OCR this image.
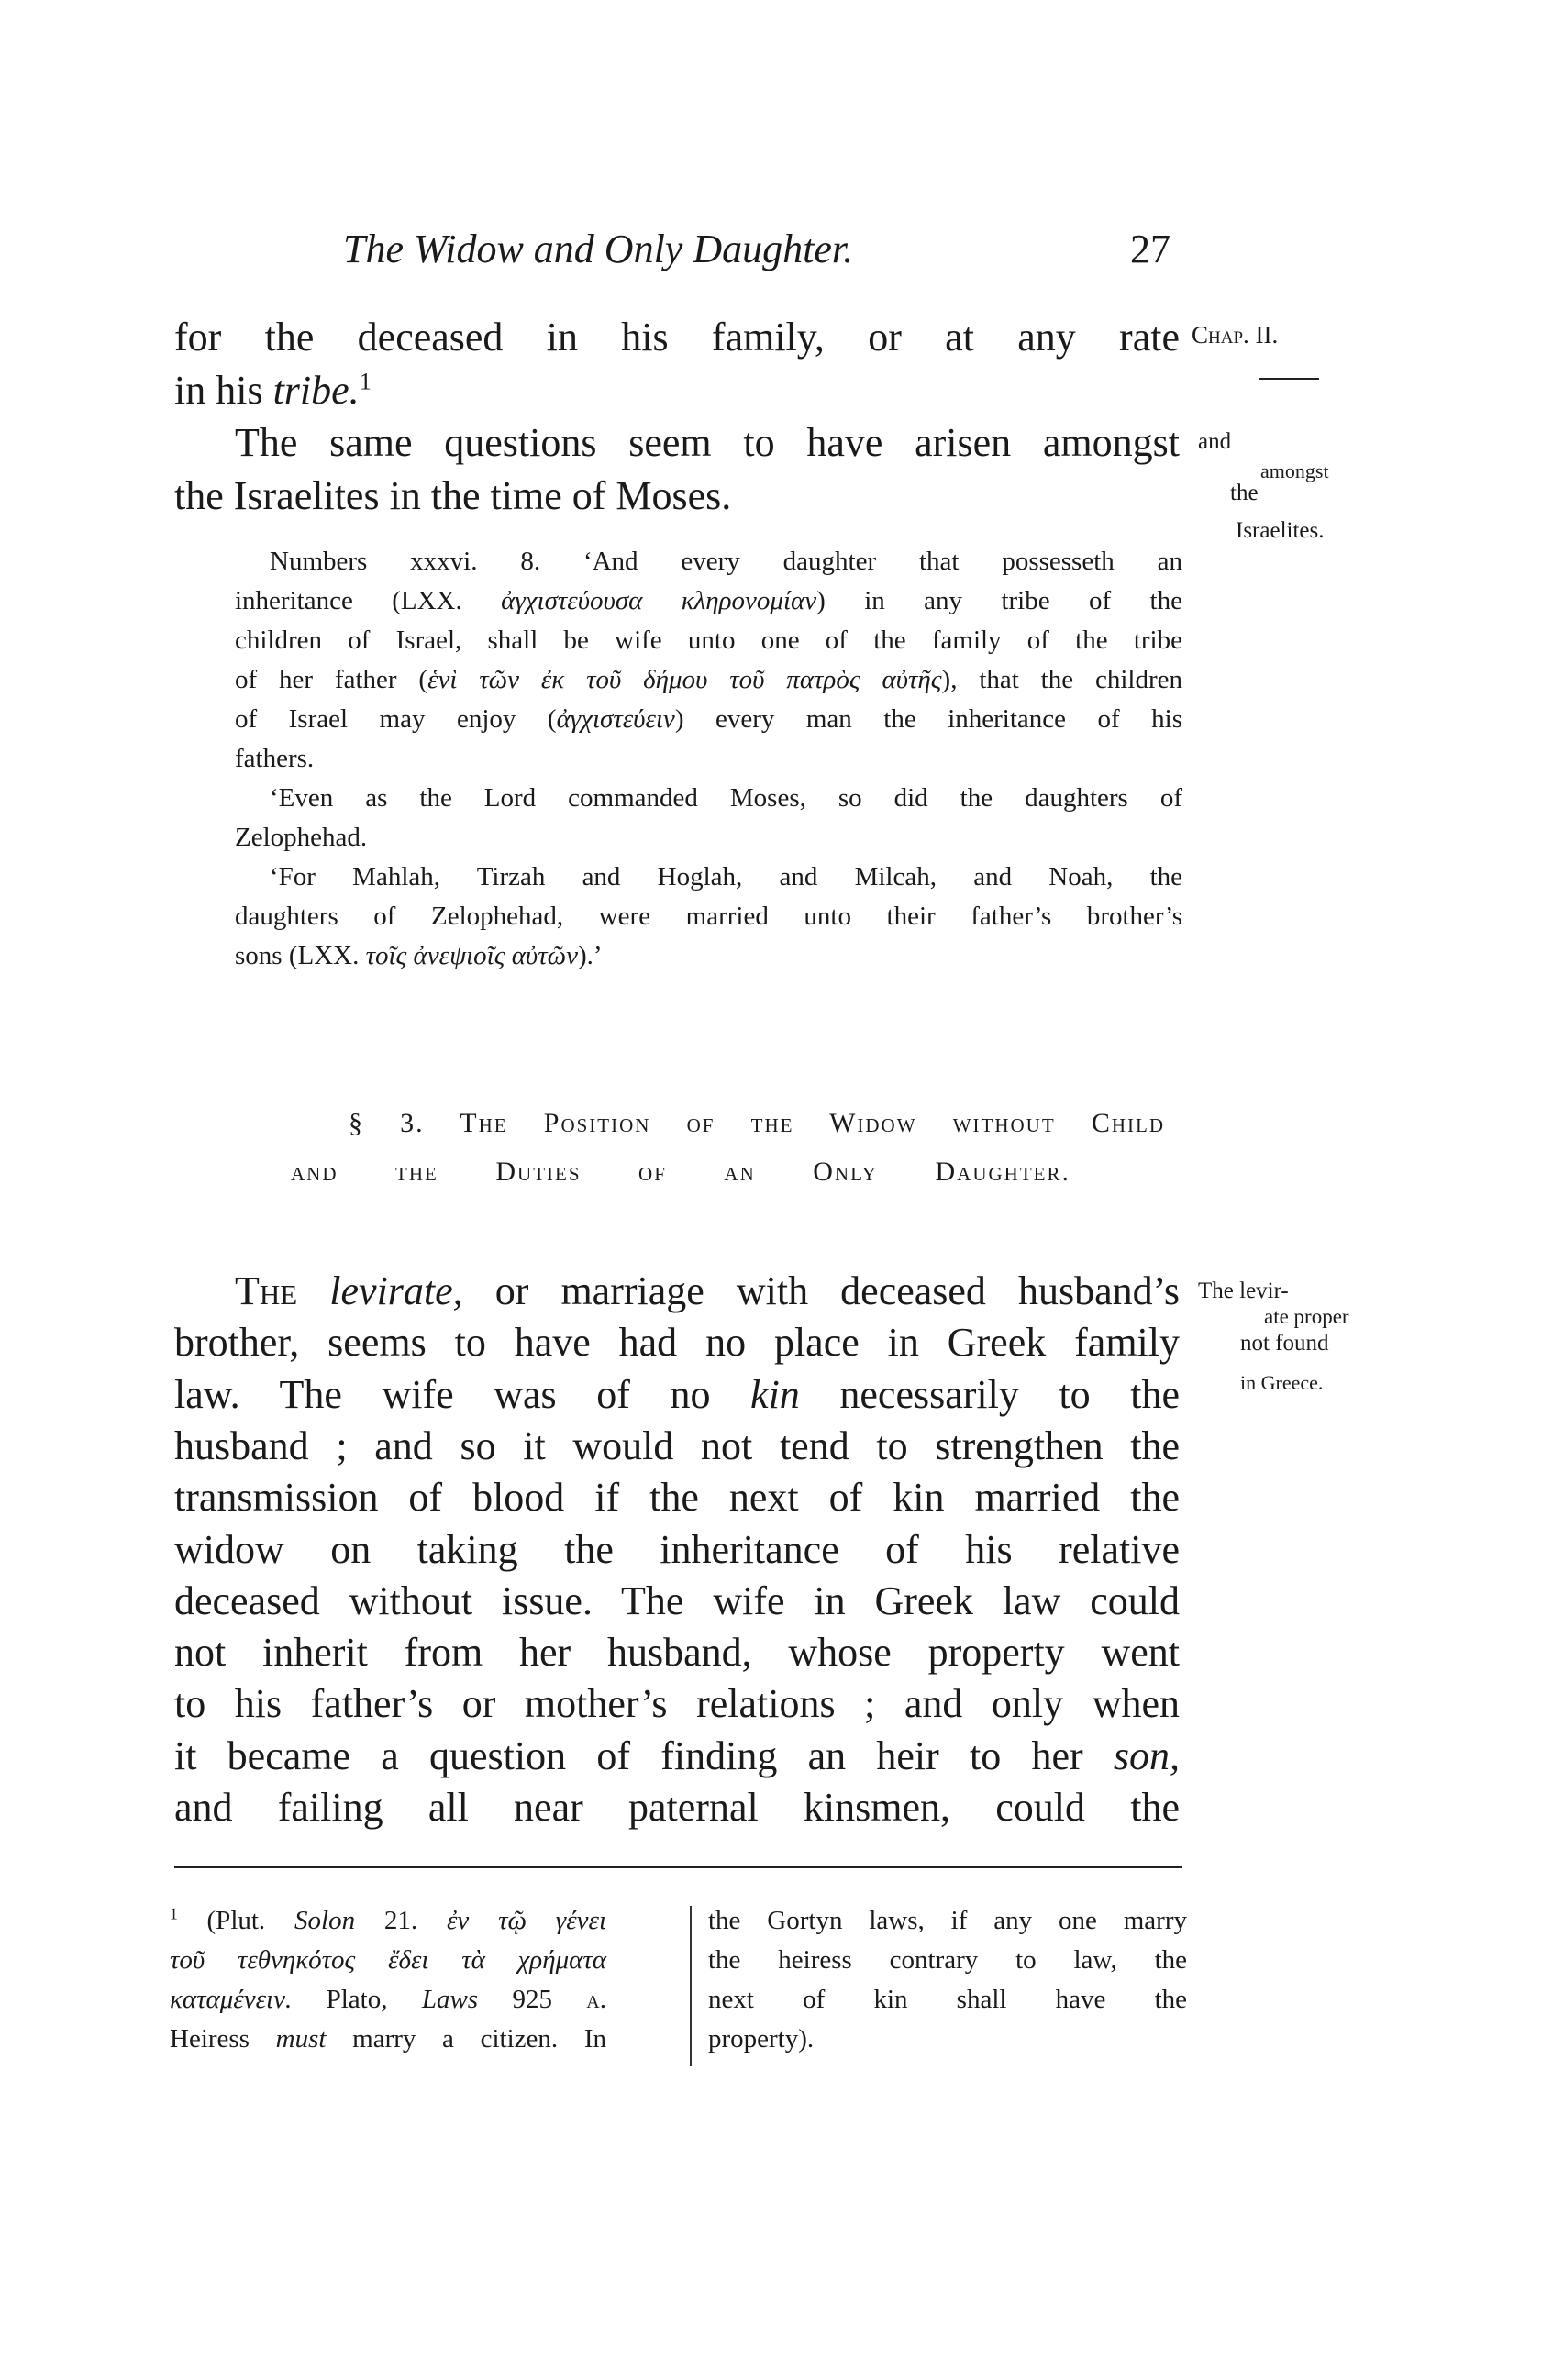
The Widow and Only Daughter.	27
for the deceased in his family, or at any rate
in his tribe.$^1$
The same questions seem to have arisen amongst
the Israelites in the time of Moses.
Chap. II.
and
amongst
the
Israelites.
Numbers xxxvi. 8. ‘And every daughter that possesseth an
inheritance (LXX. ἀγχιστεύουσα κληρονομίαν) in any tribe of the
children of Israel, shall be wife unto one of the family of the tribe
of her father (ἑνὶ τῶν ἐκ τοῦ δήμου τοῦ πατρὸς αὐτῆς), that the children
of Israel may enjoy (ἀγχιστεύειν) every man the inheritance of his
fathers.
‘Even as the Lord commanded Moses, so did the daughters of
Zelophehad.
‘For Mahlah, Tirzah and Hoglah, and Milcah, and Noah, the
daughters of Zelophehad, were married unto their father’s brother’s
sons (LXX. τοῖς ἀνεψιοῖς αὐτῶν).’
§ 3. The Position of the Widow without Child
and the Duties of an Only Daughter.
The levirate, or marriage with deceased husband’s
brother, seems to have had no place in Greek family
law. The wife was of no kin necessarily to the
husband ; and so it would not tend to strengthen the
transmission of blood if the next of kin married the
widow on taking the inheritance of his relative
deceased without issue. The wife in Greek law could
not inherit from her husband, whose property went
to his father’s or mother’s relations ; and only when
it became a question of finding an heir to her son,
and failing all near paternal kinsmen, could the
The levir-
ate proper
not found
in Greece.
$^1$ (Plut. Solon 21. ἐν τῷ γένει
τοῦ τεθνηκότος ἔδει τὰ χρήματα
καταμένειν. Plato, Laws 925 a.
Heiress must marry a citizen. In
the Gortyn laws, if any one marry
the heiress contrary to law, the
next of kin shall have the
property).
